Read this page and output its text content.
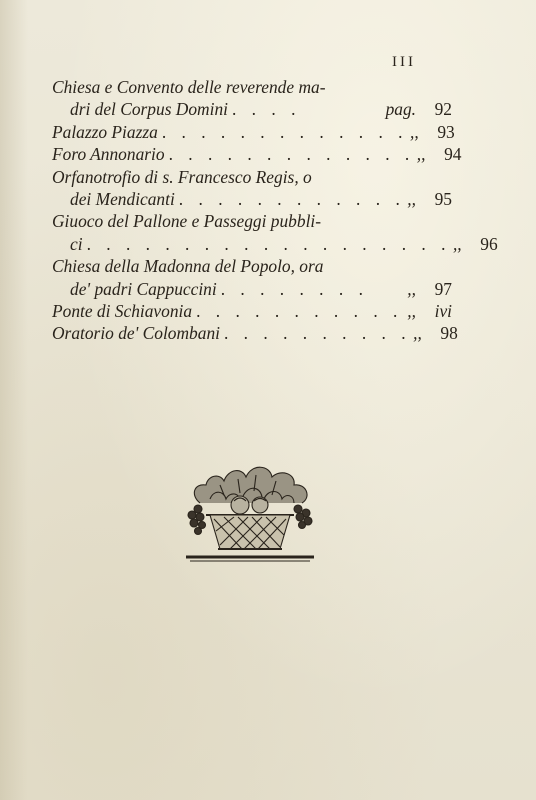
III
Chiesa e Convento delle reverende ma-
dri del Corpus Domini . . . .	pag.	92
Palazzo Piazza . . . . . . . . . . . . . ,,	93
Foro Annonario . . . . . . . . . . . . . ,,	94
Orfanotrofio di s. Francesco Regis, o
dei Mendicanti . . . . . . . . . . . . ,,	95
Giuoco del Pallone e Passeggi pubbli-
ci . . . . . . . . . . . . . . . . . . . ,,	96
Chiesa della Madonna del Popolo, ora
de' padri Cappuccini . . . . . . . .	,,	97
Ponte di Schiavonia . . . . . . . . . . . ,,	ivi
Oratorio de' Colombani . . . . . . . . . . ,,	98
